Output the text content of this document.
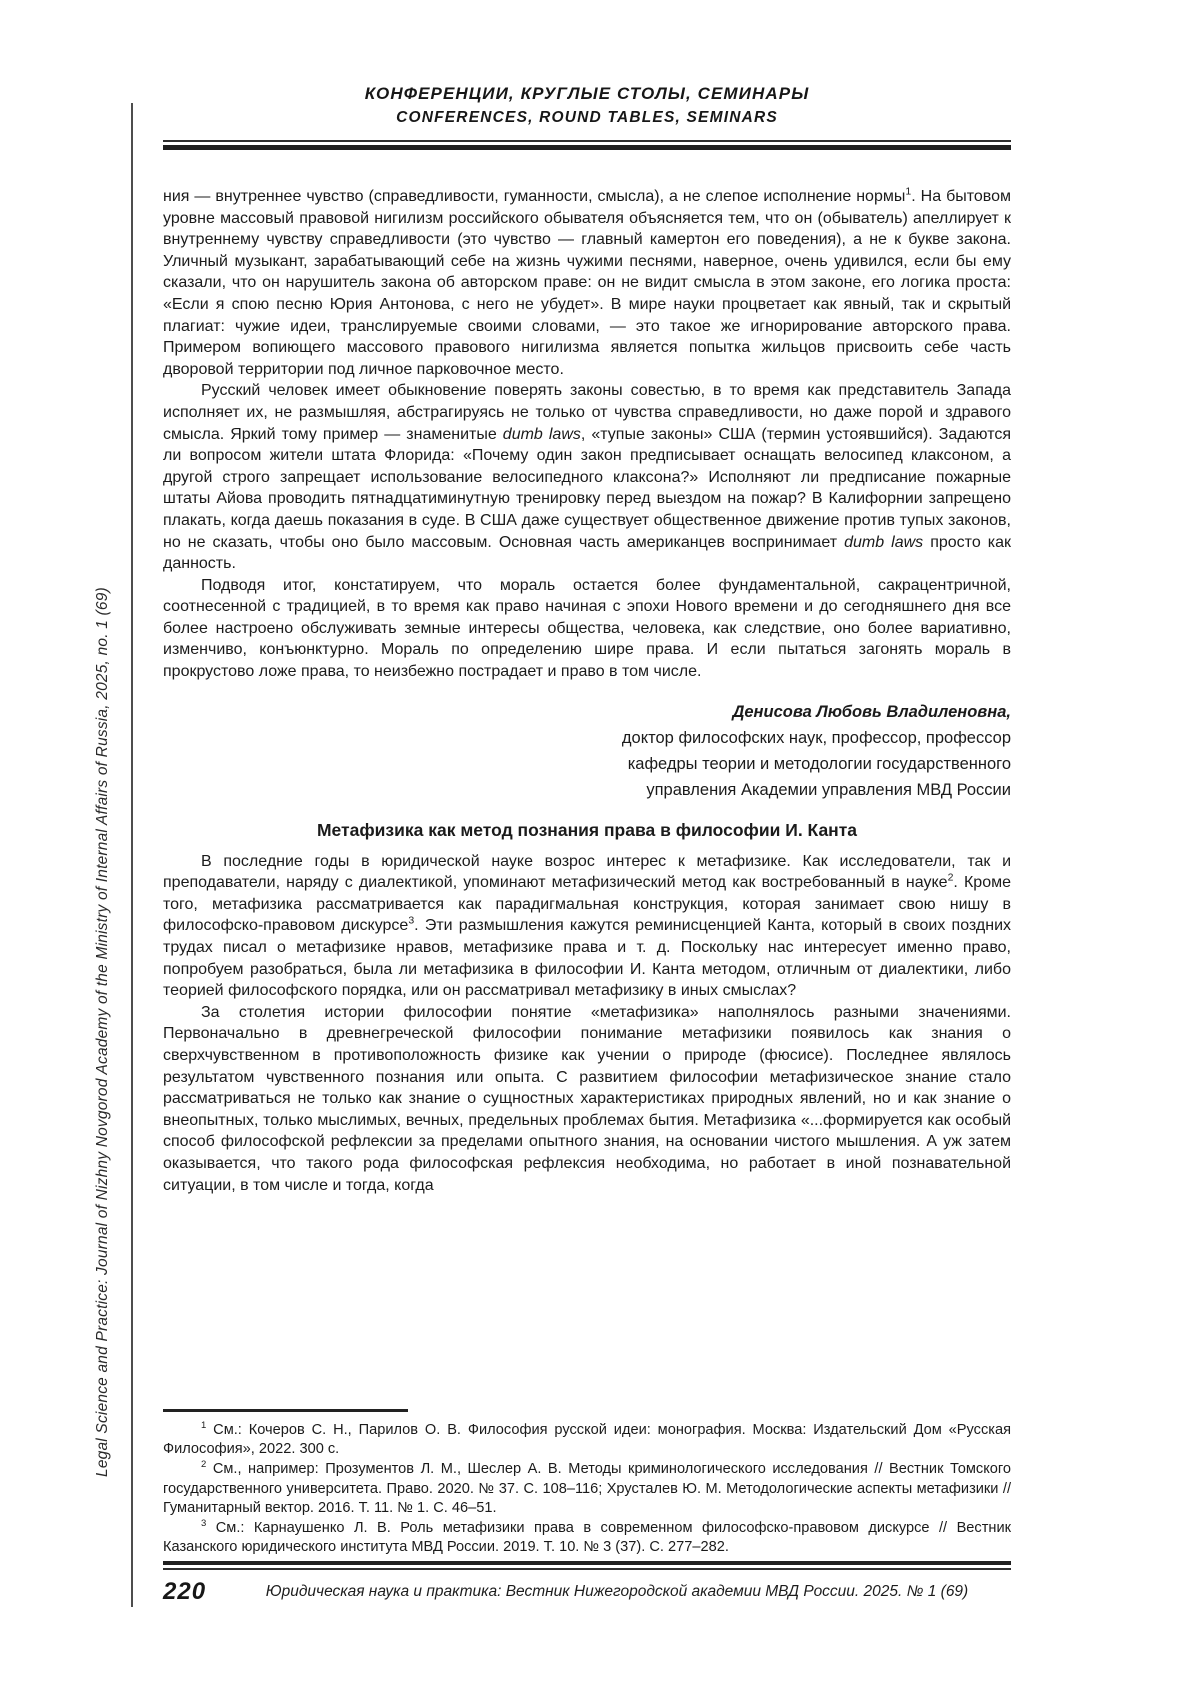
Legal Science and Practice: Journal of Nizhny Novgorod Academy of the Ministry of Internal Affairs of Russia, 2025, no. 1 (69)
КОНФЕРЕНЦИИ, КРУГЛЫЕ СТОЛЫ, СЕМИНАРЫ
CONFERENCES, ROUND TABLES, SEMINARS

ния — внутреннее чувство (справедливости, гуманности, смысла), а не слепое исполнение нормы$^1$. На бытовом уровне массовый правовой нигилизм российского обывателя объясняется тем, что он (обыватель) апеллирует к внутреннему чувству справедливости (это чувство — главный камертон его поведения), а не к букве закона. Уличный музыкант, зарабатывающий себе на жизнь чужими песнями, наверное, очень удивился, если бы ему сказали, что он нарушитель закона об авторском праве: он не видит смысла в этом законе, его логика проста: «Если я спою песню Юрия Антонова, с него не убудет». В мире науки процветает как явный, так и скрытый плагиат: чужие идеи, транслируемые своими словами, — это такое же игнорирование авторского права. Примером вопиющего массового правового нигилизма является попытка жильцов присвоить себе часть дворовой территории под личное парковочное место.

Русский человек имеет обыкновение поверять законы совестью, в то время как представитель Запада исполняет их, не размышляя, абстрагируясь не только от чувства справедливости, но даже порой и здравого смысла. Яркий тому пример — знаменитые dumb laws, «тупые законы» США (термин устоявшийся). Задаются ли вопросом жители штата Флорида: «Почему один закон предписывает оснащать велосипед клаксоном, а другой строго запрещает использование велосипедного клаксона?» Исполняют ли предписание пожарные штаты Айова проводить пятнадцатиминутную тренировку перед выездом на пожар? В Калифорнии запрещено плакать, когда даешь показания в суде. В США даже существует общественное движение против тупых законов, но не сказать, чтобы оно было массовым. Основная часть американцев воспринимает dumb laws просто как данность.

Подводя итог, констатируем, что мораль остается более фундаментальной, сакрацентричной, соотнесенной с традицией, в то время как право начиная с эпохи Нового времени и до сегодняшнего дня все более настроено обслуживать земные интересы общества, человека, как следствие, оно более вариативно, изменчиво, конъюнктурно. Мораль по определению шире права. И если пытаться загонять мораль в прокрустово ложе права, то неизбежно пострадает и право в том числе.

Денисова Любовь Владиленовна,
доктор философских наук, профессор, профессор
кафедры теории и методологии государственного
управления Академии управления МВД России
Метафизика как метод познания права в философии И. Канта

В последние годы в юридической науке возрос интерес к метафизике. Как исследователи, так и преподаватели, наряду с диалектикой, упоминают метафизический метод как востребованный в науке$^2$. Кроме того, метафизика рассматривается как парадигмальная конструкция, которая занимает свою нишу в философско-правовом дискурсе$^3$. Эти размышления кажутся реминисценцией Канта, который в своих поздних трудах писал о метафизике нравов, метафизике права и т. д. Поскольку нас интересует именно право, попробуем разобраться, была ли метафизика в философии И. Канта методом, отличным от диалектики, либо теорией философского порядка, или он рассматривал метафизику в иных смыслах?

За столетия истории философии понятие «метафизика» наполнялось разными значениями. Первоначально в древнегреческой философии понимание метафизики появилось как знания о сверхчувственном в противоположность физике как учении о природе (фюсисе). Последнее являлось результатом чувственного познания или опыта. С развитием философии метафизическое знание стало рассматриваться не только как знание о сущностных характеристиках природных явлений, но и как знание о внеопытных, только мыслимых, вечных, предельных проблемах бытия. Метафизика «...формируется как особый способ философской рефлексии за пределами опытного знания, на основании чистого мышления. А уж затем оказывается, что такого рода философская рефлексия необходима, но работает в иной познавательной ситуации, в том числе и тогда, когда

$^1$ См.: Кочеров С. Н., Парилов О. В. Философия русской идеи: монография. Москва: Издательский Дом «Русская Философия», 2022. 300 с.

$^2$ См., например: Прозументов Л. М., Шеслер А. В. Методы криминологического исследования // Вестник Томского государственного университета. Право. 2020. № 37. С. 108–116; Хрусталев Ю. М. Методологические аспекты метафизики // Гуманитарный вектор. 2016. Т. 11. № 1. С. 46–51.

$^3$ См.: Карнаушенко Л. В. Роль метафизики права в современном философско-правовом дискурсе // Вестник Казанского юридического института МВД России. 2019. Т. 10. № 3 (37). С. 277–282.

220	Юридическая наука и практика: Вестник Нижегородской академии МВД России. 2025. № 1 (69)
